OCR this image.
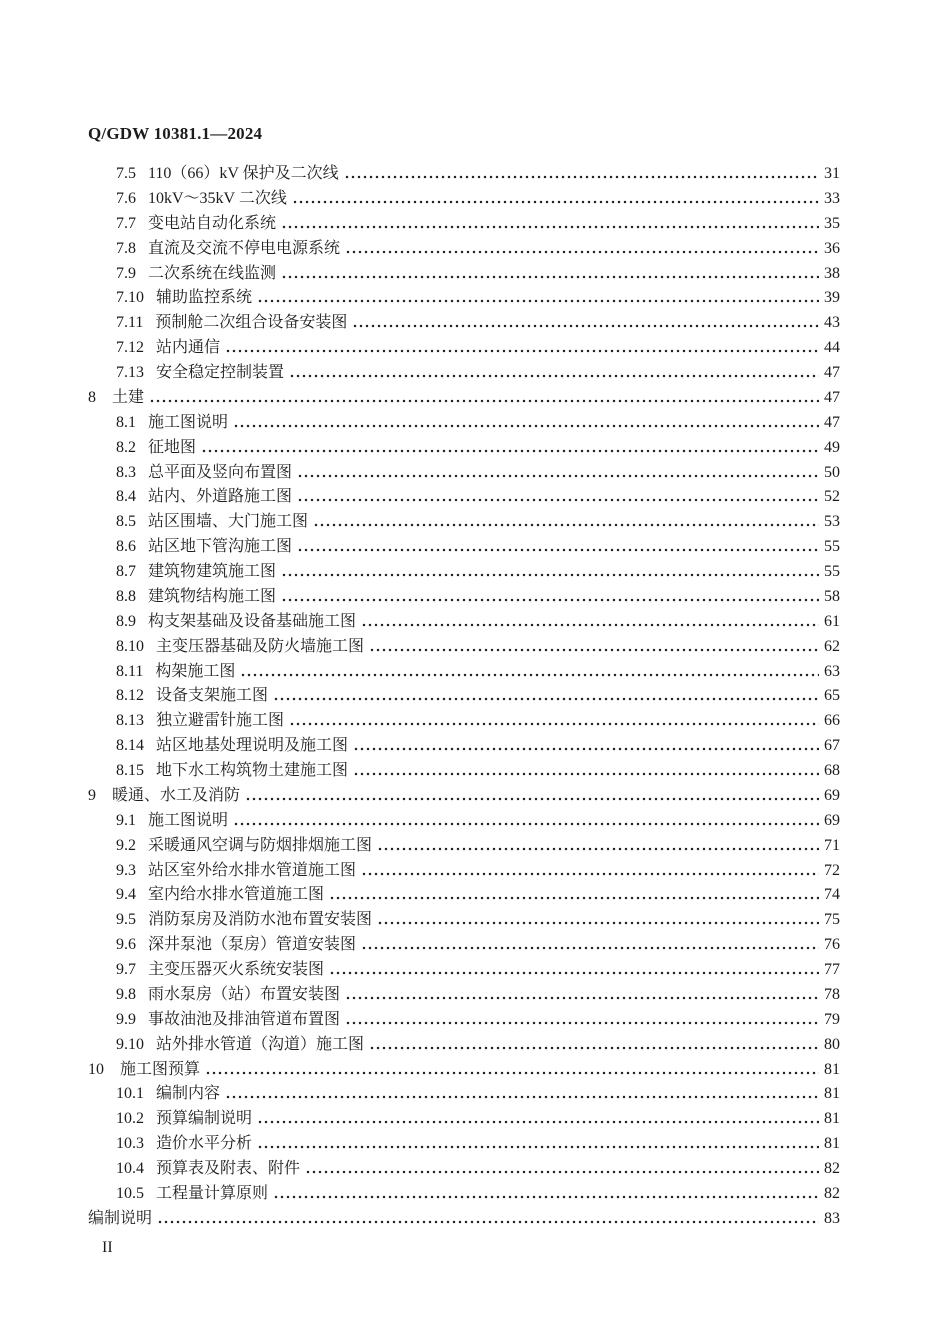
Q/GDW 10381.1—2024
7.5 110（66）kV 保护及二次线	31
7.6 10kV～35kV 二次线	33
7.7 变电站自动化系统	35
7.8 直流及交流不停电电源系统	36
7.9 二次系统在线监测	38
7.10 辅助监控系统	39
7.11 预制舱二次组合设备安装图	43
7.12 站内通信	44
7.13 安全稳定控制装置	47
8 土建	47
8.1 施工图说明	47
8.2 征地图	49
8.3 总平面及竖向布置图	50
8.4 站内、外道路施工图	52
8.5 站区围墙、大门施工图	53
8.6 站区地下管沟施工图	55
8.7 建筑物建筑施工图	55
8.8 建筑物结构施工图	58
8.9 构支架基础及设备基础施工图	61
8.10 主变压器基础及防火墙施工图	62
8.11 构架施工图	63
8.12 设备支架施工图	65
8.13 独立避雷针施工图	66
8.14 站区地基处理说明及施工图	67
8.15 地下水工构筑物土建施工图	68
9 暖通、水工及消防	69
9.1 施工图说明	69
9.2 采暖通风空调与防烟排烟施工图	71
9.3 站区室外给水排水管道施工图	72
9.4 室内给水排水管道施工图	74
9.5 消防泵房及消防水池布置安装图	75
9.6 深井泵池（泵房）管道安装图	76
9.7 主变压器灭火系统安装图	77
9.8 雨水泵房（站）布置安装图	78
9.9 事故油池及排油管道布置图	79
9.10 站外排水管道（沟道）施工图	80
10 施工图预算	81
10.1 编制内容	81
10.2 预算编制说明	81
10.3 造价水平分析	81
10.4 预算表及附表、附件	82
10.5 工程量计算原则	82
编制说明	83
II
